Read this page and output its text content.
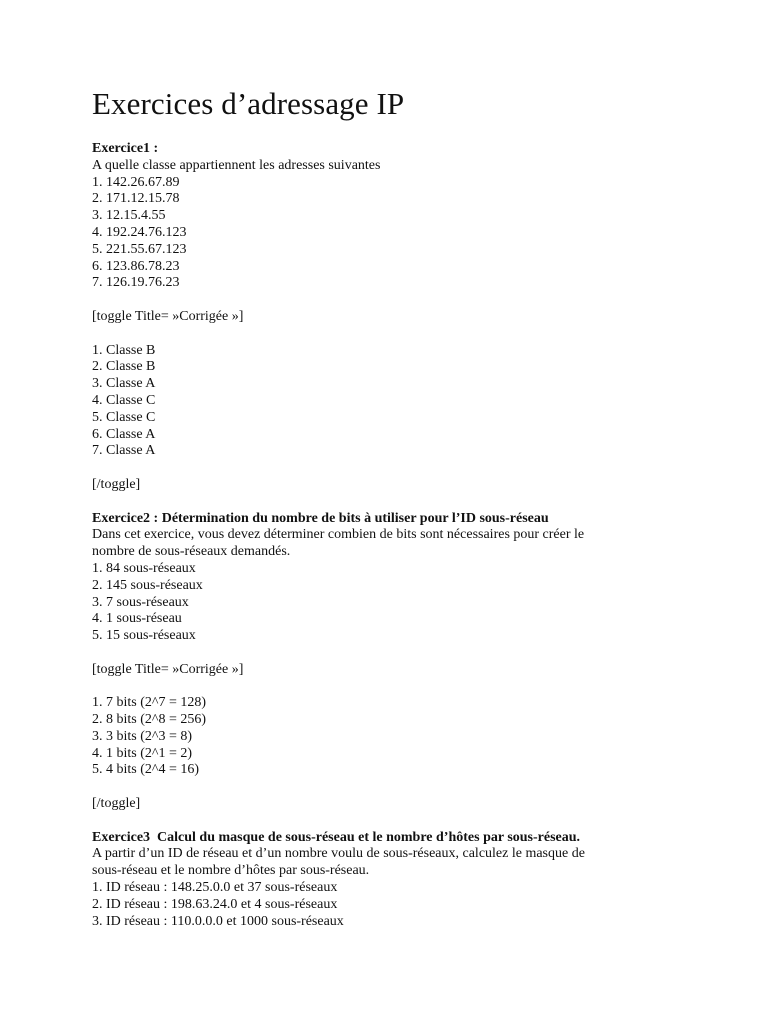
Exercices d’adressage IP

Exercice1 :

A quelle classe appartiennent les adresses suivantes

1. 142.26.67.89
2. 171.12.15.78
3. 12.15.4.55
4. 192.24.76.123
5. 221.55.67.123
6. 123.86.78.23
7. 126.19.76.23

[toggle Title= »Corrigée »]

1. Classe B
2. Classe B
3. Classe A
4. Classe C
5. Classe C
6. Classe A
7. Classe A

[/toggle]

Exercice2 : Détermination du nombre de bits à utiliser pour l’ID sous-réseau

Dans cet exercice, vous devez déterminer combien de bits sont nécessaires pour créer le

nombre de sous-réseaux demandés.

1. 84 sous-réseaux
2. 145 sous-réseaux
3. 7 sous-réseaux
4. 1 sous-réseau
5. 15 sous-réseaux

[toggle Title= »Corrigée »]

1. 7 bits (2^7 = 128)
2. 8 bits (2^8 = 256)
3. 3 bits (2^3 = 8)
4. 1 bits (2^1 = 2)
5. 4 bits (2^4 = 16)

[/toggle]

Exercice3  Calcul du masque de sous-réseau et le nombre d’hôtes par sous-réseau.

A partir d’un ID de réseau et d’un nombre voulu de sous-réseaux, calculez le masque de

sous-réseau et le nombre d’hôtes par sous-réseau.

1. ID réseau : 148.25.0.0 et 37 sous-réseaux
2. ID réseau : 198.63.24.0 et 4 sous-réseaux
3. ID réseau : 110.0.0.0 et 1000 sous-réseaux
